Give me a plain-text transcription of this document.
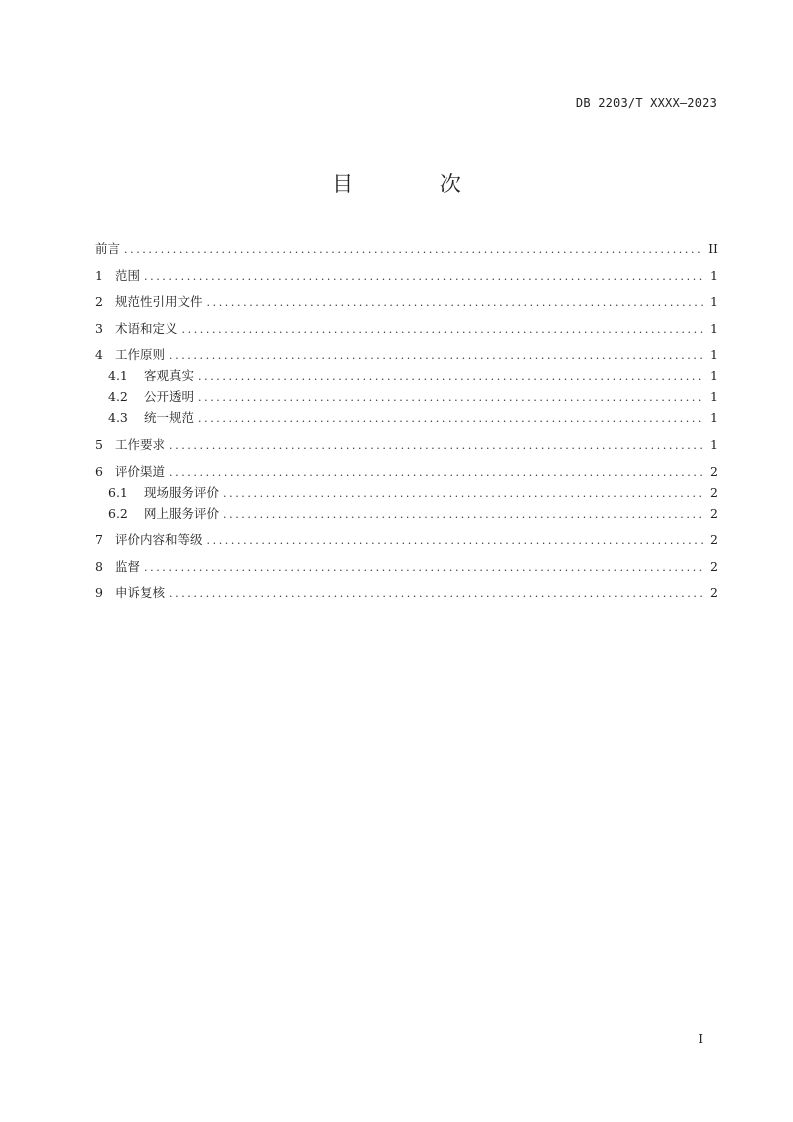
DB 2203/T XXXX—2023
目 次
前言 .....	II
1 范围 .....	1
2 规范性引用文件 .....	1
3 术语和定义 .....	1
4 工作原则 .....	1
4.1	客观真实 .....	1
4.2	公开透明 .....	1
4.3	统一规范 .....	1
5 工作要求 .....	1
6 评价渠道 .....	2
6.1	现场服务评价 .....	2
6.2	网上服务评价 .....	2
7 评价内容和等级 .....	2
8 监督 .....	2
9 申诉复核 .....	2
I
